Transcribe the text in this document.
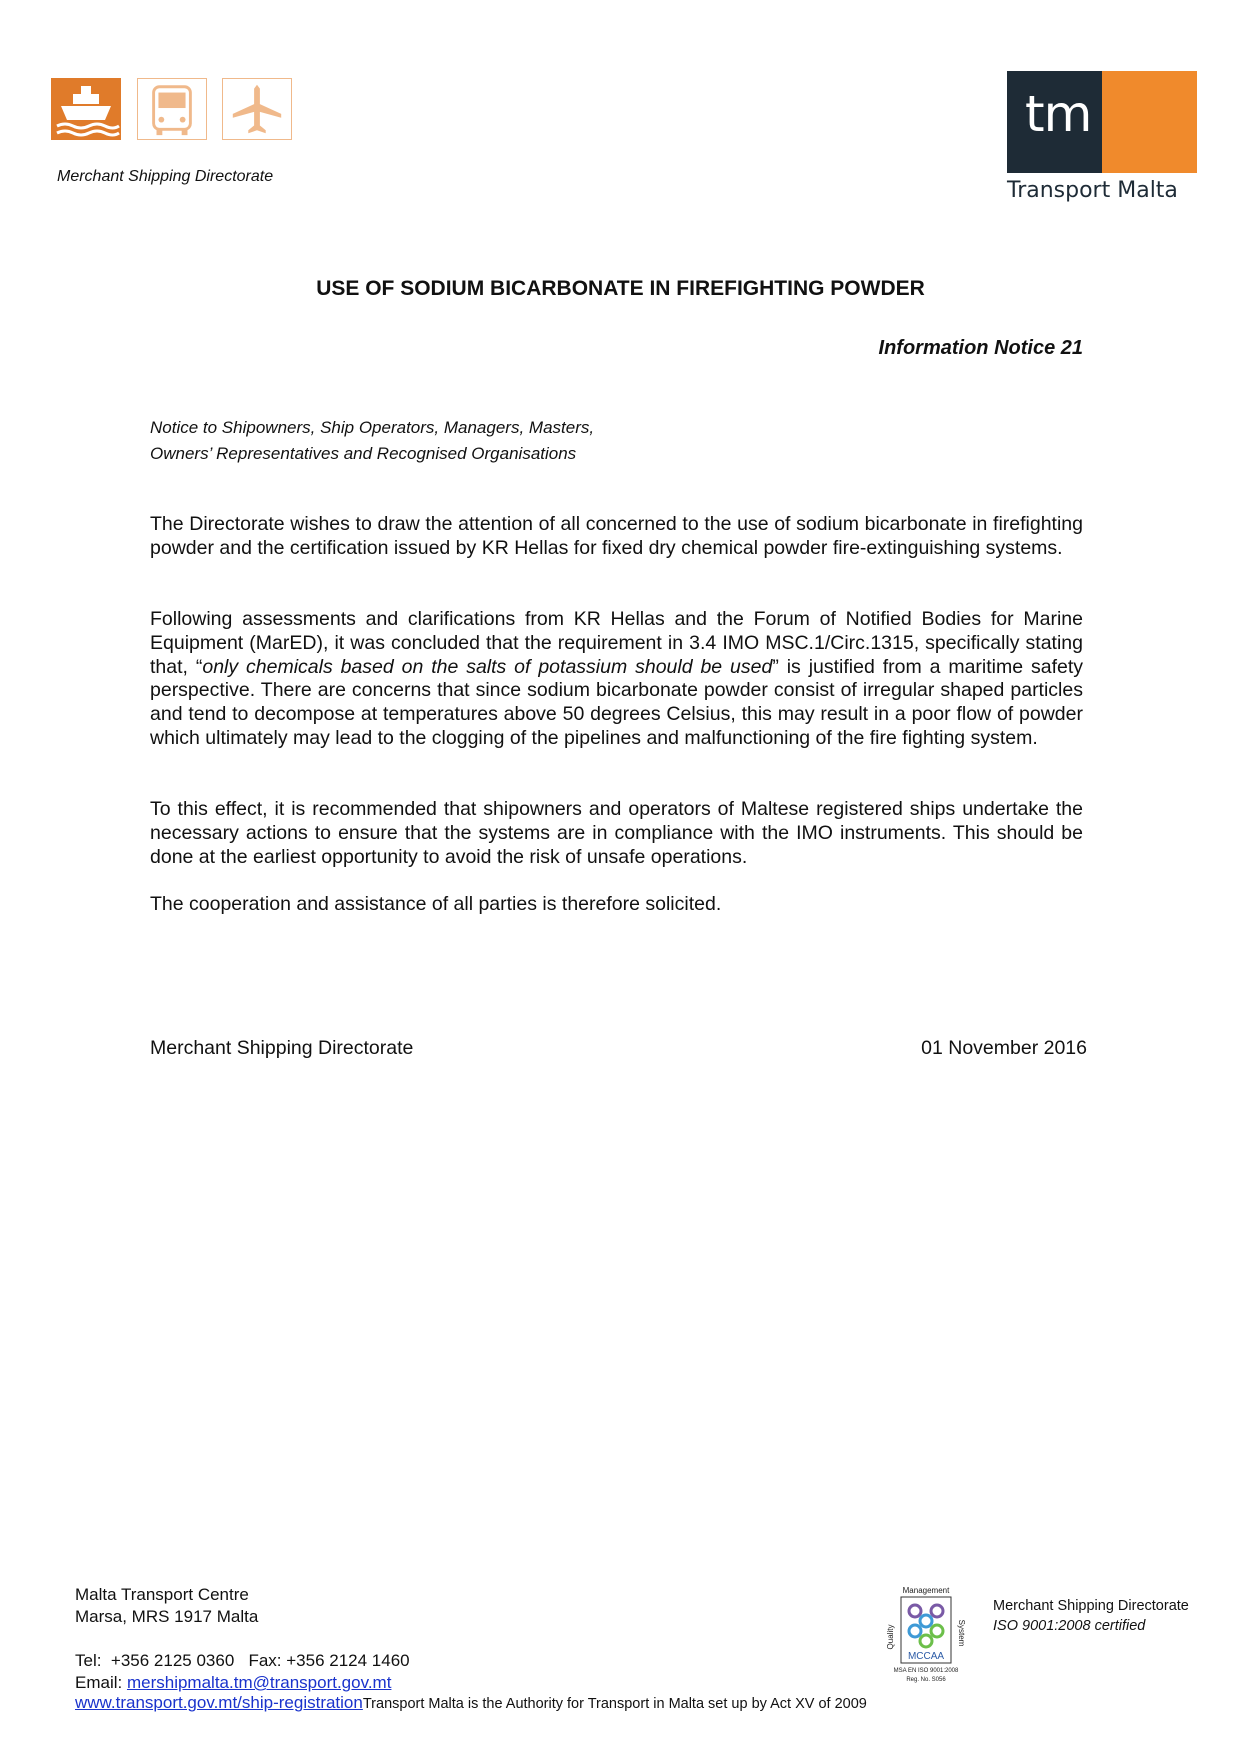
Merchant Shipping Directorate
tm
Transport Malta
USE OF SODIUM BICARBONATE IN FIREFIGHTING POWDER
Information Notice 21
Notice to Shipowners, Ship Operators, Managers, Masters,
Owners’ Representatives and Recognised Organisations

The Directorate wishes to draw the attention of all concerned to the use of sodium bicarbonate in firefighting powder and the certification issued by KR Hellas for fixed dry chemical powder fire-extinguishing systems.

Following assessments and clarifications from KR Hellas and the Forum of Notified Bodies for Marine Equipment (MarED), it was concluded that the requirement in 3.4 IMO MSC.1/Circ.1315, specifically stating that, “only chemicals based on the salts of potassium should be used” is justified from a maritime safety perspective. There are concerns that since sodium bicarbonate powder consist of irregular shaped particles and tend to decompose at temperatures above 50 degrees Celsius, this may result in a poor flow of powder which ultimately may lead to the clogging of the pipelines and malfunctioning of the fire fighting system.

To this effect, it is recommended that shipowners and operators of Maltese registered ships undertake the necessary actions to ensure that the systems are in compliance with the IMO instruments. This should be done at the earliest opportunity to avoid the risk of unsafe operations.

The cooperation and assistance of all parties is therefore solicited.

Merchant Shipping Directorate	01 November 2016
Malta Transport Centre
Marsa, MRS 1917 Malta
Tel:  +356 2125 0360   Fax: +356 2124 1460
Email: mershipmalta.tm@transport.gov.mt
www.transport.gov.mt/ship-registrationTransport Malta is the Authority for Transport in Malta set up by Act XV of 2009
Management
Quality	System
MCCAA
MSA EN ISO 9001:2008
Reg. No. S056
Merchant Shipping Directorate
ISO 9001:2008 certified
